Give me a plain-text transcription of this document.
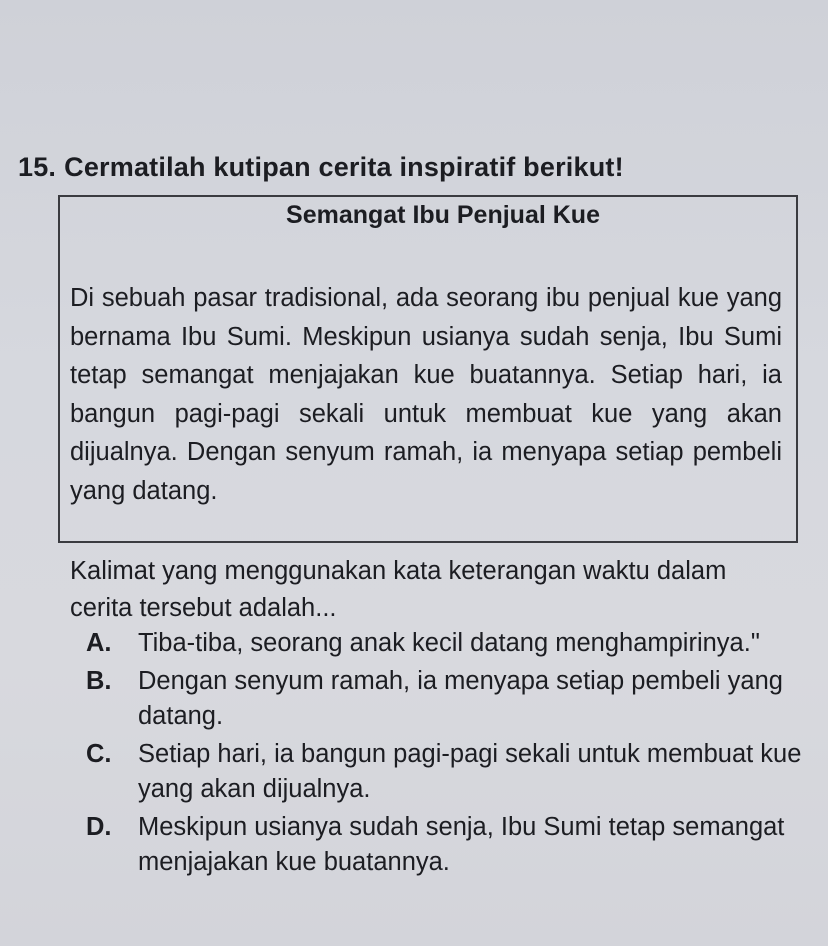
15. Cermatilah kutipan cerita inspiratif berikut!
Semangat Ibu Penjual Kue
Di sebuah pasar tradisional, ada seorang ibu penjual kue yang bernama Ibu Sumi. Meskipun usianya sudah senja, Ibu Sumi tetap semangat menjajakan kue buatannya. Setiap hari, ia bangun pagi-pagi sekali untuk membuat kue yang akan dijualnya. Dengan senyum ramah, ia menyapa setiap pembeli yang datang.
Kalimat yang menggunakan kata keterangan waktu dalam cerita tersebut adalah...
A.	Tiba-tiba, seorang anak kecil datang menghampirinya."
B.	Dengan senyum ramah, ia menyapa setiap pembeli yang datang.
C.	Setiap hari, ia bangun pagi-pagi sekali untuk membuat kue yang akan dijualnya.
D.	Meskipun usianya sudah senja, Ibu Sumi tetap semangat menjajakan kue buatannya.
